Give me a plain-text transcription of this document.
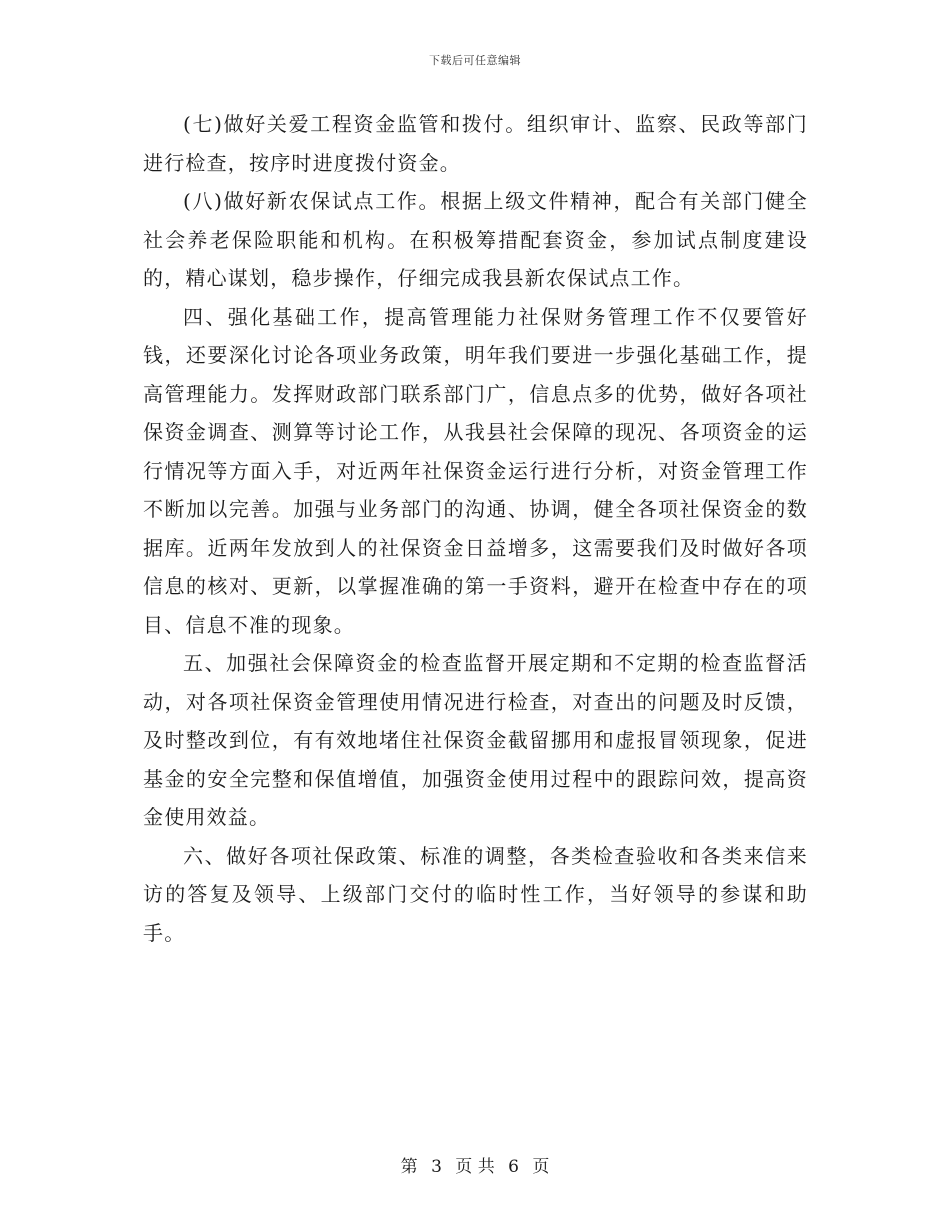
下载后可任意编辑

(七)做好关爱工程资金监管和拨付。组织审计、监察、民政等部门进行检查，按序时进度拨付资金。

(八)做好新农保试点工作。根据上级文件精神，配合有关部门健全社会养老保险职能和机构。在积极筹措配套资金，参加试点制度建设的，精心谋划，稳步操作，仔细完成我县新农保试点工作。

四、强化基础工作，提高管理能力社保财务管理工作不仅要管好钱，还要深化讨论各项业务政策，明年我们要进一步强化基础工作，提高管理能力。发挥财政部门联系部门广，信息点多的优势，做好各项社保资金调查、测算等讨论工作，从我县社会保障的现况、各项资金的运行情况等方面入手，对近两年社保资金运行进行分析，对资金管理工作不断加以完善。加强与业务部门的沟通、协调，健全各项社保资金的数据库。近两年发放到人的社保资金日益增多，这需要我们及时做好各项信息的核对、更新，以掌握准确的第一手资料，避开在检查中存在的项目、信息不准的现象。

五、加强社会保障资金的检查监督开展定期和不定期的检查监督活动，对各项社保资金管理使用情况进行检查，对查出的问题及时反馈，及时整改到位，有有效地堵住社保资金截留挪用和虚报冒领现象，促进基金的安全完整和保值增值，加强资金使用过程中的跟踪问效，提高资金使用效益。

六、做好各项社保政策、标准的调整，各类检查验收和各类来信来访的答复及领导、上级部门交付的临时性工作，当好领导的参谋和助手。

第 3 页 共 6 页
